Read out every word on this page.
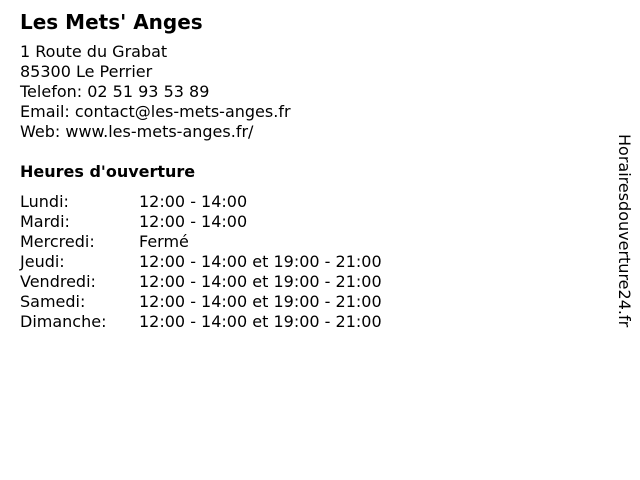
Les Mets' Anges
1 Route du Grabat
85300 Le Perrier
Telefon: 02 51 93 53 89
Email: contact@les-mets-anges.fr
Web: www.les-mets-anges.fr/
Heures d'ouverture
Lundi:	12:00 - 14:00
Mardi:	12:00 - 14:00
Mercredi:	Fermé
Jeudi:	12:00 - 14:00 et 19:00 - 21:00
Vendredi:	12:00 - 14:00 et 19:00 - 21:00
Samedi:	12:00 - 14:00 et 19:00 - 21:00
Dimanche:	12:00 - 14:00 et 19:00 - 21:00	Horairesdouverture24.fr
